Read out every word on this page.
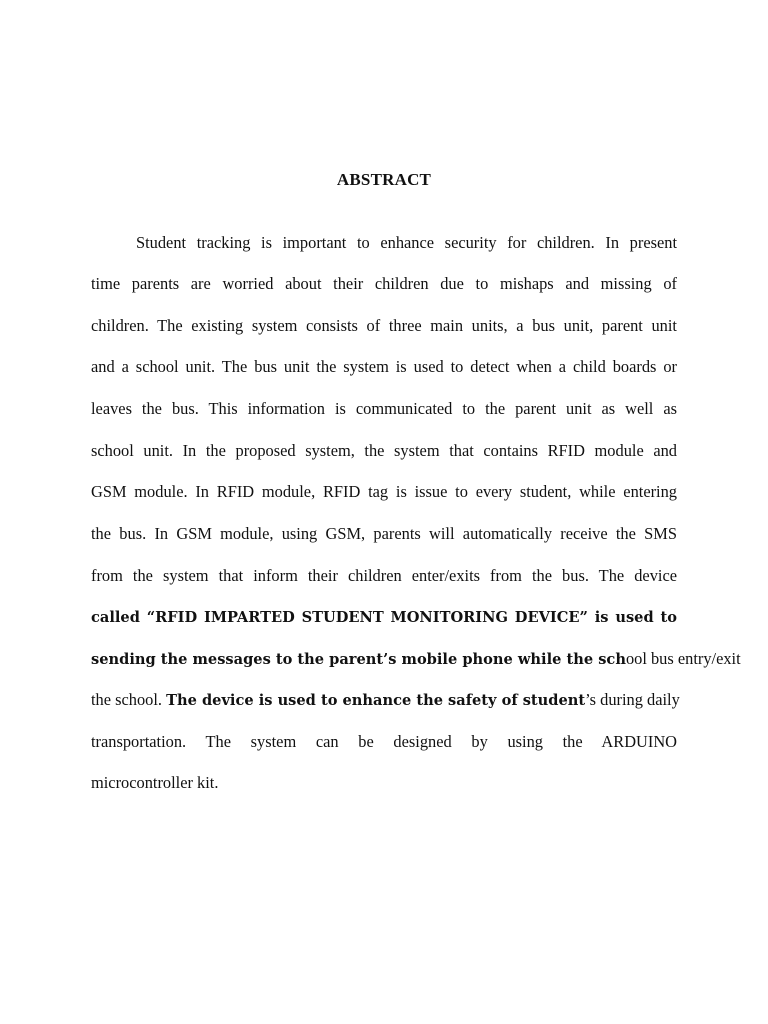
ABSTRACT
Student tracking is important to enhance security for children. In present
time parents are worried about their children due to mishaps and missing of
children. The existing system consists of three main units, a bus unit, parent unit
and a school unit. The bus unit the system is used to detect when a child boards or
leaves the bus. This information is communicated to the parent unit as well as
school unit. In the proposed system, the system that contains RFID module and
GSM module. In RFID module, RFID tag is issue to every student, while entering
the bus. In GSM module, using GSM, parents will automatically receive the SMS
from the system that inform their children enter/exits from the bus. The device
called “RFID IMPARTED STUDENT MONITORING DEVICE” is used to
sending the messages to the parent’s mobile phone while the school bus entry/exit
the school. The device is used to enhance the safety of student’s during daily
transportation. The system can be designed by using the ARDUINO
microcontroller kit.
